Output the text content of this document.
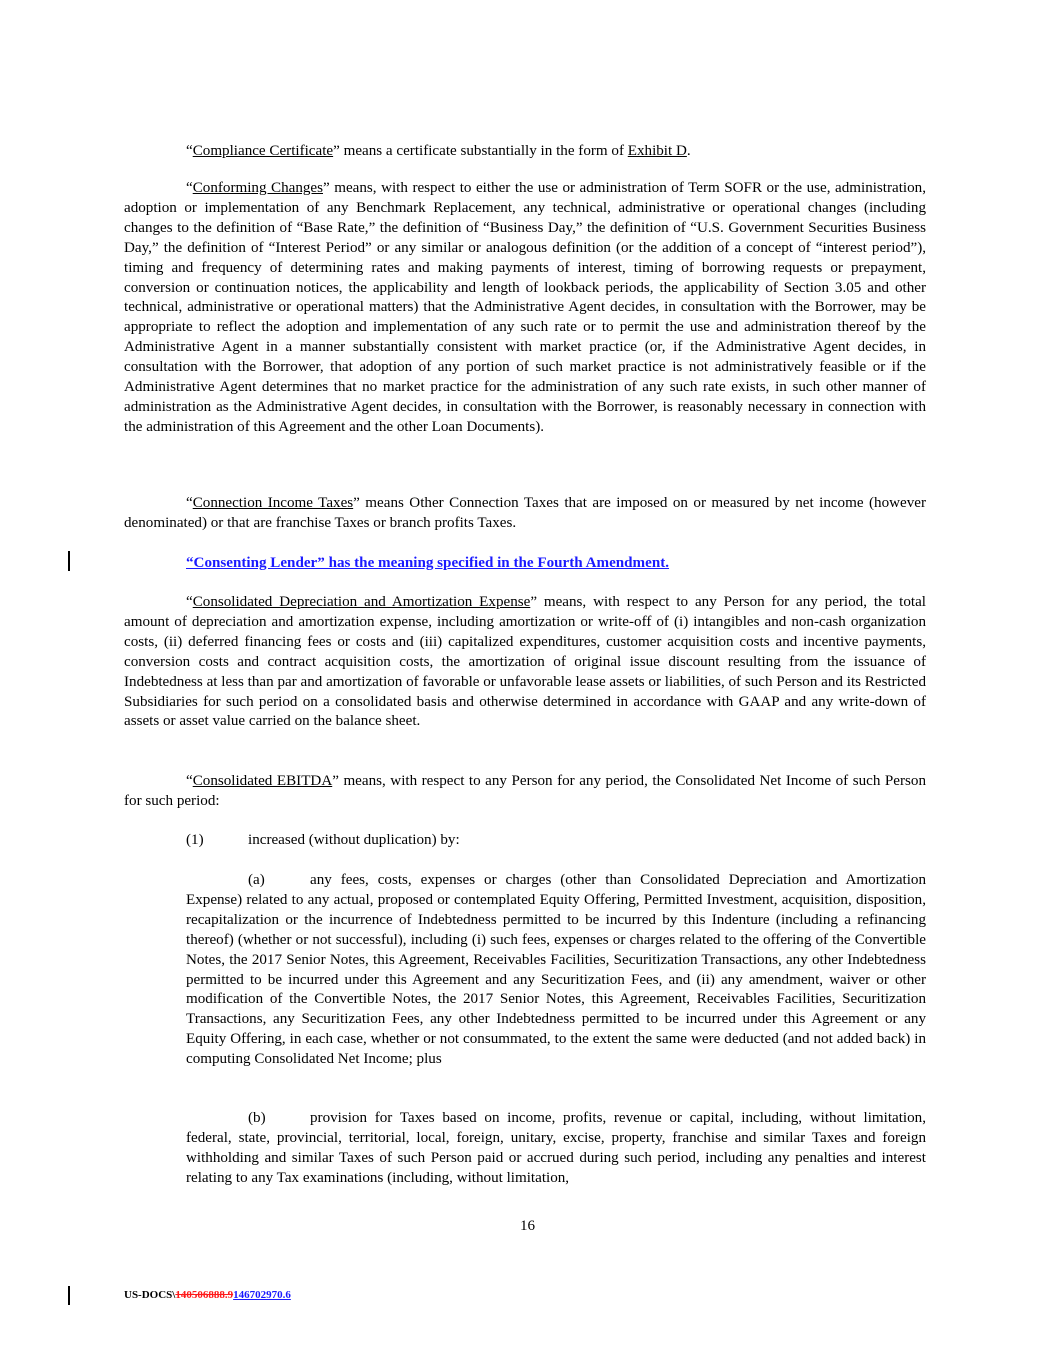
“Compliance Certificate” means a certificate substantially in the form of Exhibit D.

“Conforming Changes” means, with respect to either the use or administration of Term SOFR or the use, administration, adoption or implementation of any Benchmark Replacement, any technical, administrative or operational changes (including changes to the definition of “Base Rate,” the definition of “Business Day,” the definition of “U.S. Government Securities Business Day,” the definition of “Interest Period” or any similar or analogous definition (or the addition of a concept of “interest period”), timing and frequency of determining rates and making payments of interest, timing of borrowing requests or prepayment, conversion or continuation notices, the applicability and length of lookback periods, the applicability of Section 3.05 and other technical, administrative or operational matters) that the Administrative Agent decides, in consultation with the Borrower, may be appropriate to reflect the adoption and implementation of any such rate or to permit the use and administration thereof by the Administrative Agent in a manner substantially consistent with market practice (or, if the Administrative Agent decides, in consultation with the Borrower, that adoption of any portion of such market practice is not administratively feasible or if the Administrative Agent determines that no market practice for the administration of any such rate exists, in such other manner of administration as the Administrative Agent decides, in consultation with the Borrower, is reasonably necessary in connection with the administration of this Agreement and the other Loan Documents).

“Connection Income Taxes” means Other Connection Taxes that are imposed on or measured by net income (however denominated) or that are franchise Taxes or branch profits Taxes.

“Consenting Lender” has the meaning specified in the Fourth Amendment.

“Consolidated Depreciation and Amortization Expense” means, with respect to any Person for any period, the total amount of depreciation and amortization expense, including amortization or write-off of (i) intangibles and non-cash organization costs, (ii) deferred financing fees or costs and (iii) capitalized expenditures, customer acquisition costs and incentive payments, conversion costs and contract acquisition costs, the amortization of original issue discount resulting from the issuance of Indebtedness at less than par and amortization of favorable or unfavorable lease assets or liabilities, of such Person and its Restricted Subsidiaries for such period on a consolidated basis and otherwise determined in accordance with GAAP and any write-down of assets or asset value carried on the balance sheet.

“Consolidated EBITDA” means, with respect to any Person for any period, the Consolidated Net Income of such Person for such period:

(1)	increased (without duplication) by:

(a)	any fees, costs, expenses or charges (other than Consolidated Depreciation and Amortization Expense) related to any actual, proposed or contemplated Equity Offering, Permitted Investment, acquisition, disposition, recapitalization or the incurrence of Indebtedness permitted to be incurred by this Indenture (including a refinancing thereof) (whether or not successful), including (i) such fees, expenses or charges related to the offering of the Convertible Notes, the 2017 Senior Notes, this Agreement, Receivables Facilities, Securitization Transactions, any other Indebtedness permitted to be incurred under this Agreement and any Securitization Fees, and (ii) any amendment, waiver or other modification of the Convertible Notes, the 2017 Senior Notes, this Agreement, Receivables Facilities, Securitization Transactions, any Securitization Fees, any other Indebtedness permitted to be incurred under this Agreement or any Equity Offering, in each case, whether or not consummated, to the extent the same were deducted (and not added back) in computing Consolidated Net Income; plus

(b)	provision for Taxes based on income, profits, revenue or capital, including, without limitation, federal, state, provincial, territorial, local, foreign, unitary, excise, property, franchise and similar Taxes and foreign withholding and similar Taxes of such Person paid or accrued during such period, including any penalties and interest relating to any Tax examinations (including, without limitation,

16
US-DOCS\140506888.9146702970.6
